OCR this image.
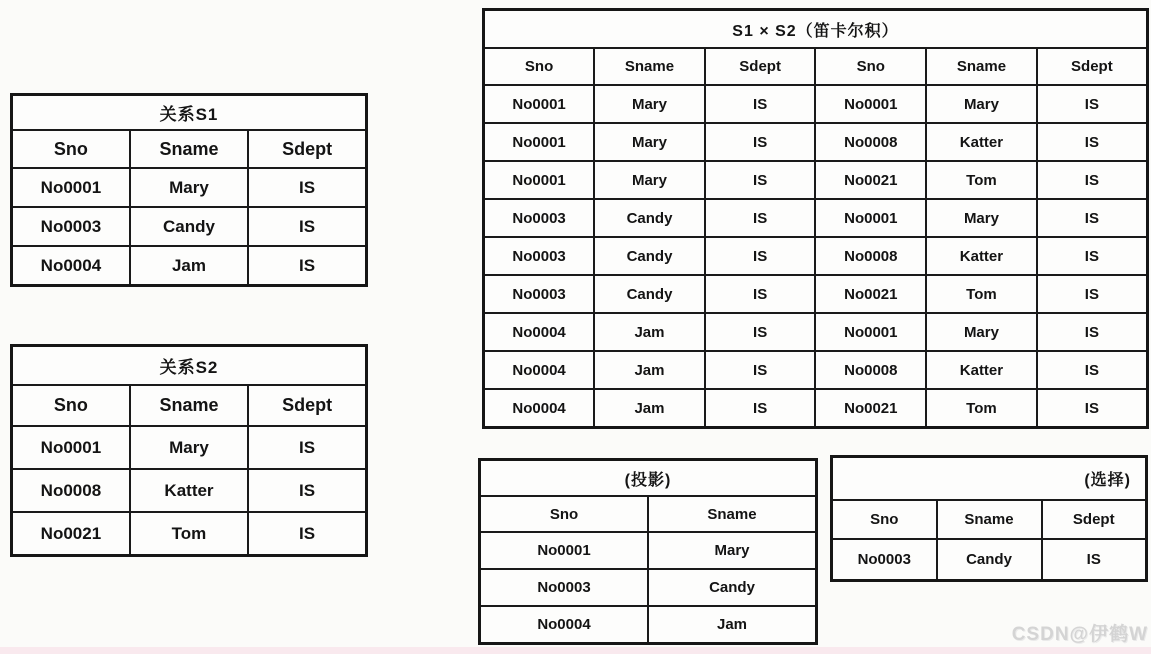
关系S1		
Sno	Sname	Sdept
No0001	Mary	IS
No0003	Candy	IS
No0004	Jam	IS
关系S2		
Sno	Sname	Sdept
No0001	Mary	IS
No0008	Katter	IS
No0021	Tom	IS
S1 × S2（笛卡尔积）					
Sno	Sname	Sdept	Sno	Sname	Sdept
No0001	Mary	IS	No0001	Mary	IS
No0001	Mary	IS	No0008	Katter	IS
No0001	Mary	IS	No0021	Tom	IS
No0003	Candy	IS	No0001	Mary	IS
No0003	Candy	IS	No0008	Katter	IS
No0003	Candy	IS	No0021	Tom	IS
No0004	Jam	IS	No0001	Mary	IS
No0004	Jam	IS	No0008	Katter	IS
No0004	Jam	IS	No0021	Tom	IS
(投影)	
Sno	Sname
No0001	Mary
No0003	Candy
No0004	Jam
(选择)		
Sno	Sname	Sdept
No0003	Candy	IS
CSDN@伊鹤W
